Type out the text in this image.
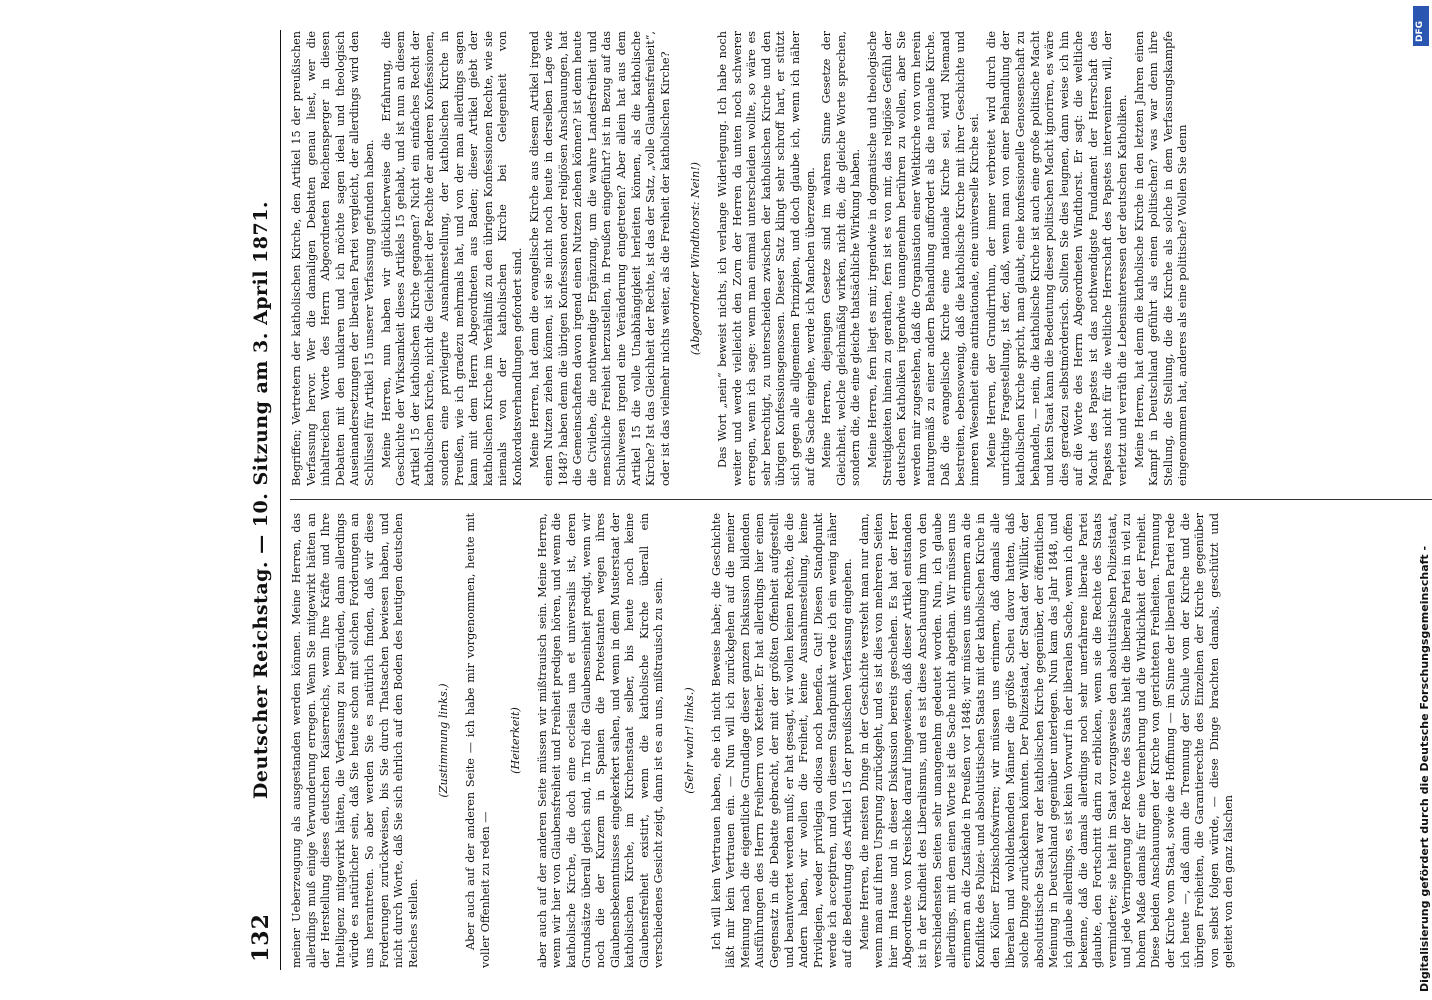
132
Deutscher Reichstag. — 10. Sitzung am 3. April 1871. meiner Ueberzeugung als ausgestanden werden können. Meine Herren, das allerdings muß einige Verwunderung erregen. Wenn Sie mitgewirkt hätten an der Herstellung dieses deutschen Kaiserreichs, wenn Ihre Kräfte und Ihre Intelligenz mitgewirkt hätten, die Verfassung zu begründen, dann allerdings würde es natürlicher sein, daß Sie heute schon mit solchen Forderungen an uns herantreten. So aber werden Sie es natürlich finden, daß wir diese Forderungen zurückweisen, bis Sie durch Thatsachen bewiesen haben, und nicht durch Worte, daß Sie sich ehrlich auf den Boden des heutigen deutschen Reiches stellen.

(Zustimmung links.) Aber auch auf der anderen Seite — ich habe mir vorgenommen, heute mit voller Offenheit zu reden —

(Heiterkeit) aber auch auf der anderen Seite müssen wir mißtrauisch sein. Meine Herren, wenn wir hier von Glaubensfreiheit und Freiheit predigen hören, und wenn die katholische Kirche, die doch eine ecclesia una et universalis ist, deren Grundsätze überall gleich sind, in Tirol die Glaubenseinheit predigt, wenn wir noch die der Kurzem in Spanien die Protestanten wegen ihres Glaubensbekenntnisses eingekerkert sahen, und wenn in dem Musterstaat der katholischen Kirche, im Kirchenstaat selber, bis heute noch keine Glaubensfreiheit existirt, wenn die katholische Kirche überall ein verschiedenes Gesicht zeigt, dann ist es an uns, mißtrauisch zu sein. (Sehr wahr! links.) Ich will kein Vertrauen haben, ehe ich nicht Beweise habe; die Geschichte läßt mir kein Vertrauen ein. — Nun will ich zurückgehen auf die meiner Meinung nach die eigentliche Grundlage dieser ganzen Diskussion bildenden Ausführungen des Herrn Freiherrn von Ketteler. Er hat allerdings hier einen Gegensatz in die Debatte gebracht, der mit der größten Offenheit aufgestellt und beantwortet werden muß; er hat gesagt, wir wollen keinen Rechte, die die Andern haben, wir wollen die Freiheit, keine Ausnahmestellung, keine Privilegien, weder privilegia odiosa noch benefica. Gut! Diesen Standpunkt werde ich acceptiren, und von diesem Standpunkt werde ich ein wenig näher auf die Bedeutung des Artikel 15 der preußischen Verfassung eingehen. Meine Herren, die meisten Dinge in der Geschichte versteht man nur dann, wenn man auf ihren Ursprung zurückgeht, und es ist dies von mehreren Seiten hier im Hause und in dieser Diskussion bereits geschehen. Es hat der Herr Abgeordnete von Kreischke darauf hingewiesen, daß dieser Artikel entstanden ist in der Kindheit des Liberalismus, und es ist diese Anschauung ihm von den verschiedensten Seiten sehr unangenehm gedeutet worden. Nun, ich glaube allerdings, mit dem einen Worte ist die Sache nicht abgethan. Wir müssen uns erinnern an die Zustände in Preußen vor 1848; wir müssen uns erinnern an die Konflikte des Polizei- und absolutistischen Staats mit der katholischen Kirche in den Kölner Erzbischofswirren; wir müssen uns erinnern, daß damals alle liberalen und wohldenkenden Männer die größte Scheu davor hatten, daß solche Dinge zurückkehren könnten. Der Polizeistaat, der Staat der Willkür, der absolutistische Staat war der katholischen Kirche gegenüber, der öffentlichen Meinung in Deutschland gegenüber unterlegen. Nun kam das Jahr 1848, und ich glaube allerdings, es ist kein Vorwurf in der liberalen Sache, wenn ich offen bekenne, daß die damals allerdings noch sehr unerfahrene liberale Partei glaubte, den Fortschritt darin zu erblicken, wenn sie die Rechte des Staats verminderte; sie hielt im Staat vorzugsweise den absolutistischen Polizeistaat, und jede Verringerung der Rechte des Staats hielt die liberale Partei in viel zu hohem Maße damals für eine Vermehrung und die Wirklichkeit der Freiheit. Diese beiden Anschauungen der Kirche von gerichteten Freiheiten. Trennung der Kirche vom Staat, sowie die Hoffnung — im Sinne der liberalen Partei rede ich heute —, daß dann die Trennung der Schule vom der Kirche und die übrigen Freiheiten, die Garantierechte des Einzelnen der Kirche gegenüber von selbst folgen würde, — diese Dinge brachten damals, geschützt und geleitet von den ganz falschen

Begriffen; Vertretern der katholischen Kirche, den Artikel 15 der preußischen Verfassung hervor. Wer die damaligen Debatten genau liest, wer die inhaltreichen Worte des Herrn Abgeordneten Reichensperger in diesen Debatten mit den unklaren und ich möchte sagen ideal und theologisch Auseinandersetzungen der liberalen Partei vergleicht, der allerdings wird den Schlüssel für Artikel 15 unserer Verfassung gefunden haben. Meine Herren, nun haben wir glücklicherweise die Erfahrung, die Geschichte der Wirksamkeit dieses Artikels 15 gehabt, und ist nun an diesem Artikel 15 der katholischen Kirche gegangen? Nicht ein einfaches Recht der katholischen Kirche, nicht die Gleichheit der Rechte der anderen Konfessionen, sondern eine privilegirte Ausnahmestellung, der katholischen Kirche in Preußen, wie ich gradezu mehrmals hat, und von der man allerdings sagen kann mit dem Herrn Abgeordneten aus Baden; dieser Artikel giebt der katholischen Kirche im Verhältniß zu den übrigen Konfessionen Rechte, wie sie niemals von der katholischen Kirche bei Gelegenheit von Konkordatsverhandlungen gefordert sind. Meine Herren, hat denn die evangelische Kirche aus diesem Artikel irgend einen Nutzen ziehen können, ist sie nicht noch heute in derselben Lage wie 1848? haben denn die übrigen Konfessionen oder religiösen Anschauungen, hat die Gemeinschaften davon irgend einen Nutzen ziehen können? ist denn heute die Civilehe, die nothwendige Ergänzung, um die wahre Landesfreiheit und menschliche Freiheit herzustellen, in Preußen eingeführt? ist in Bezug auf das Schulwesen irgend eine Veränderung eingetreten? Aber allein hat aus dem Artikel 15 die volle Unabhängigkeit herleiten können, als die katholische Kirche? Ist das Gleichheit der Rechte, ist das der Satz, „volle Glaubensfreiheit“, oder ist das vielmehr nichts weiter, als die Freiheit der katholischen Kirche? (Abgeordneter Windthorst: Nein!) Das Wort „nein“ beweist nichts, ich verlange Widerlegung. Ich habe noch weiter und werde vielleicht den Zorn der Herren da unten noch schwerer erregen, wenn ich sage: wenn man einmal unterscheiden wollte, so wäre es sehr berechtigt, zu unterscheiden zwischen der katholischen Kirche und den übrigen Konfessionsgenossen. Dieser Satz klingt sehr schroff hart, er stützt sich gegen alle allgemeinen Prinzipien, und doch glaube ich, wenn ich näher auf die Sache eingehe, werde ich Manchen überzeugen. Meine Herren, diejenigen Gesetze sind im wahren Sinne Gesetze der Gleichheit, welche gleichmäßig wirken, nicht die, die gleiche Worte sprechen, sondern die, die eine gleiche thatsächliche Wirkung haben. Meine Herren, fern liegt es mir, irgendwie in dogmatische und theologische Streitigkeiten hinein zu gerathen, fern ist es von mir, das religiöse Gefühl der deutschen Katholiken irgendwie unangenehm berühren zu wollen, aber Sie werden mir zugestehen, daß die Organisation einer Weltkirche von vorn herein naturgemäß zu einer andern Behandlung auffordert als die nationale Kirche. Daß die evangelische Kirche eine nationale Kirche sei, wird Niemand bestreiten, ebensowenig, daß die katholische Kirche mit ihrer Geschichte und inneren Wesenheit eine antinationale, eine universelle Kirche sei. Meine Herren, der Grundirrthum, der immer verbreitet wird durch die unrichtige Fragestellung, ist der, daß, wenn man von einer Behandlung der katholischen Kirche spricht, man glaubt, eine konfessionelle Genossenschaft zu behandeln, — nein, die katholische Kirche ist auch eine große politische Macht und kein Staat kann die Bedeutung dieser politischen Macht ignoriren, es wäre dies geradezu selbstmörderisch. Sollten Sie dies leugnen, dann weise ich hin auf die Worte des Herrn Abgeordneten Windthorst. Er sagt: die weltliche Macht des Papstes ist das nothwendigste Fundament der Herrschaft des Papstes nicht für die weltliche Herrschaft des Papstes interveniren will, der verletzt und verräth die Lebensinteressen der deutschen Katholiken. Meine Herren, hat denn die katholische Kirche in den letzten Jahren einen Kampf in Deutschland geführt als einen politischen? was war denn ihre Stellung, die Stellung, die die Kirche als solche in dem Verfassungskampfe eingenommen hat, anderes als eine politische? Wollen Sie denn

DFG
Digitalisierung gefördert durch die Deutsche Forschungsgemeinschaft -
